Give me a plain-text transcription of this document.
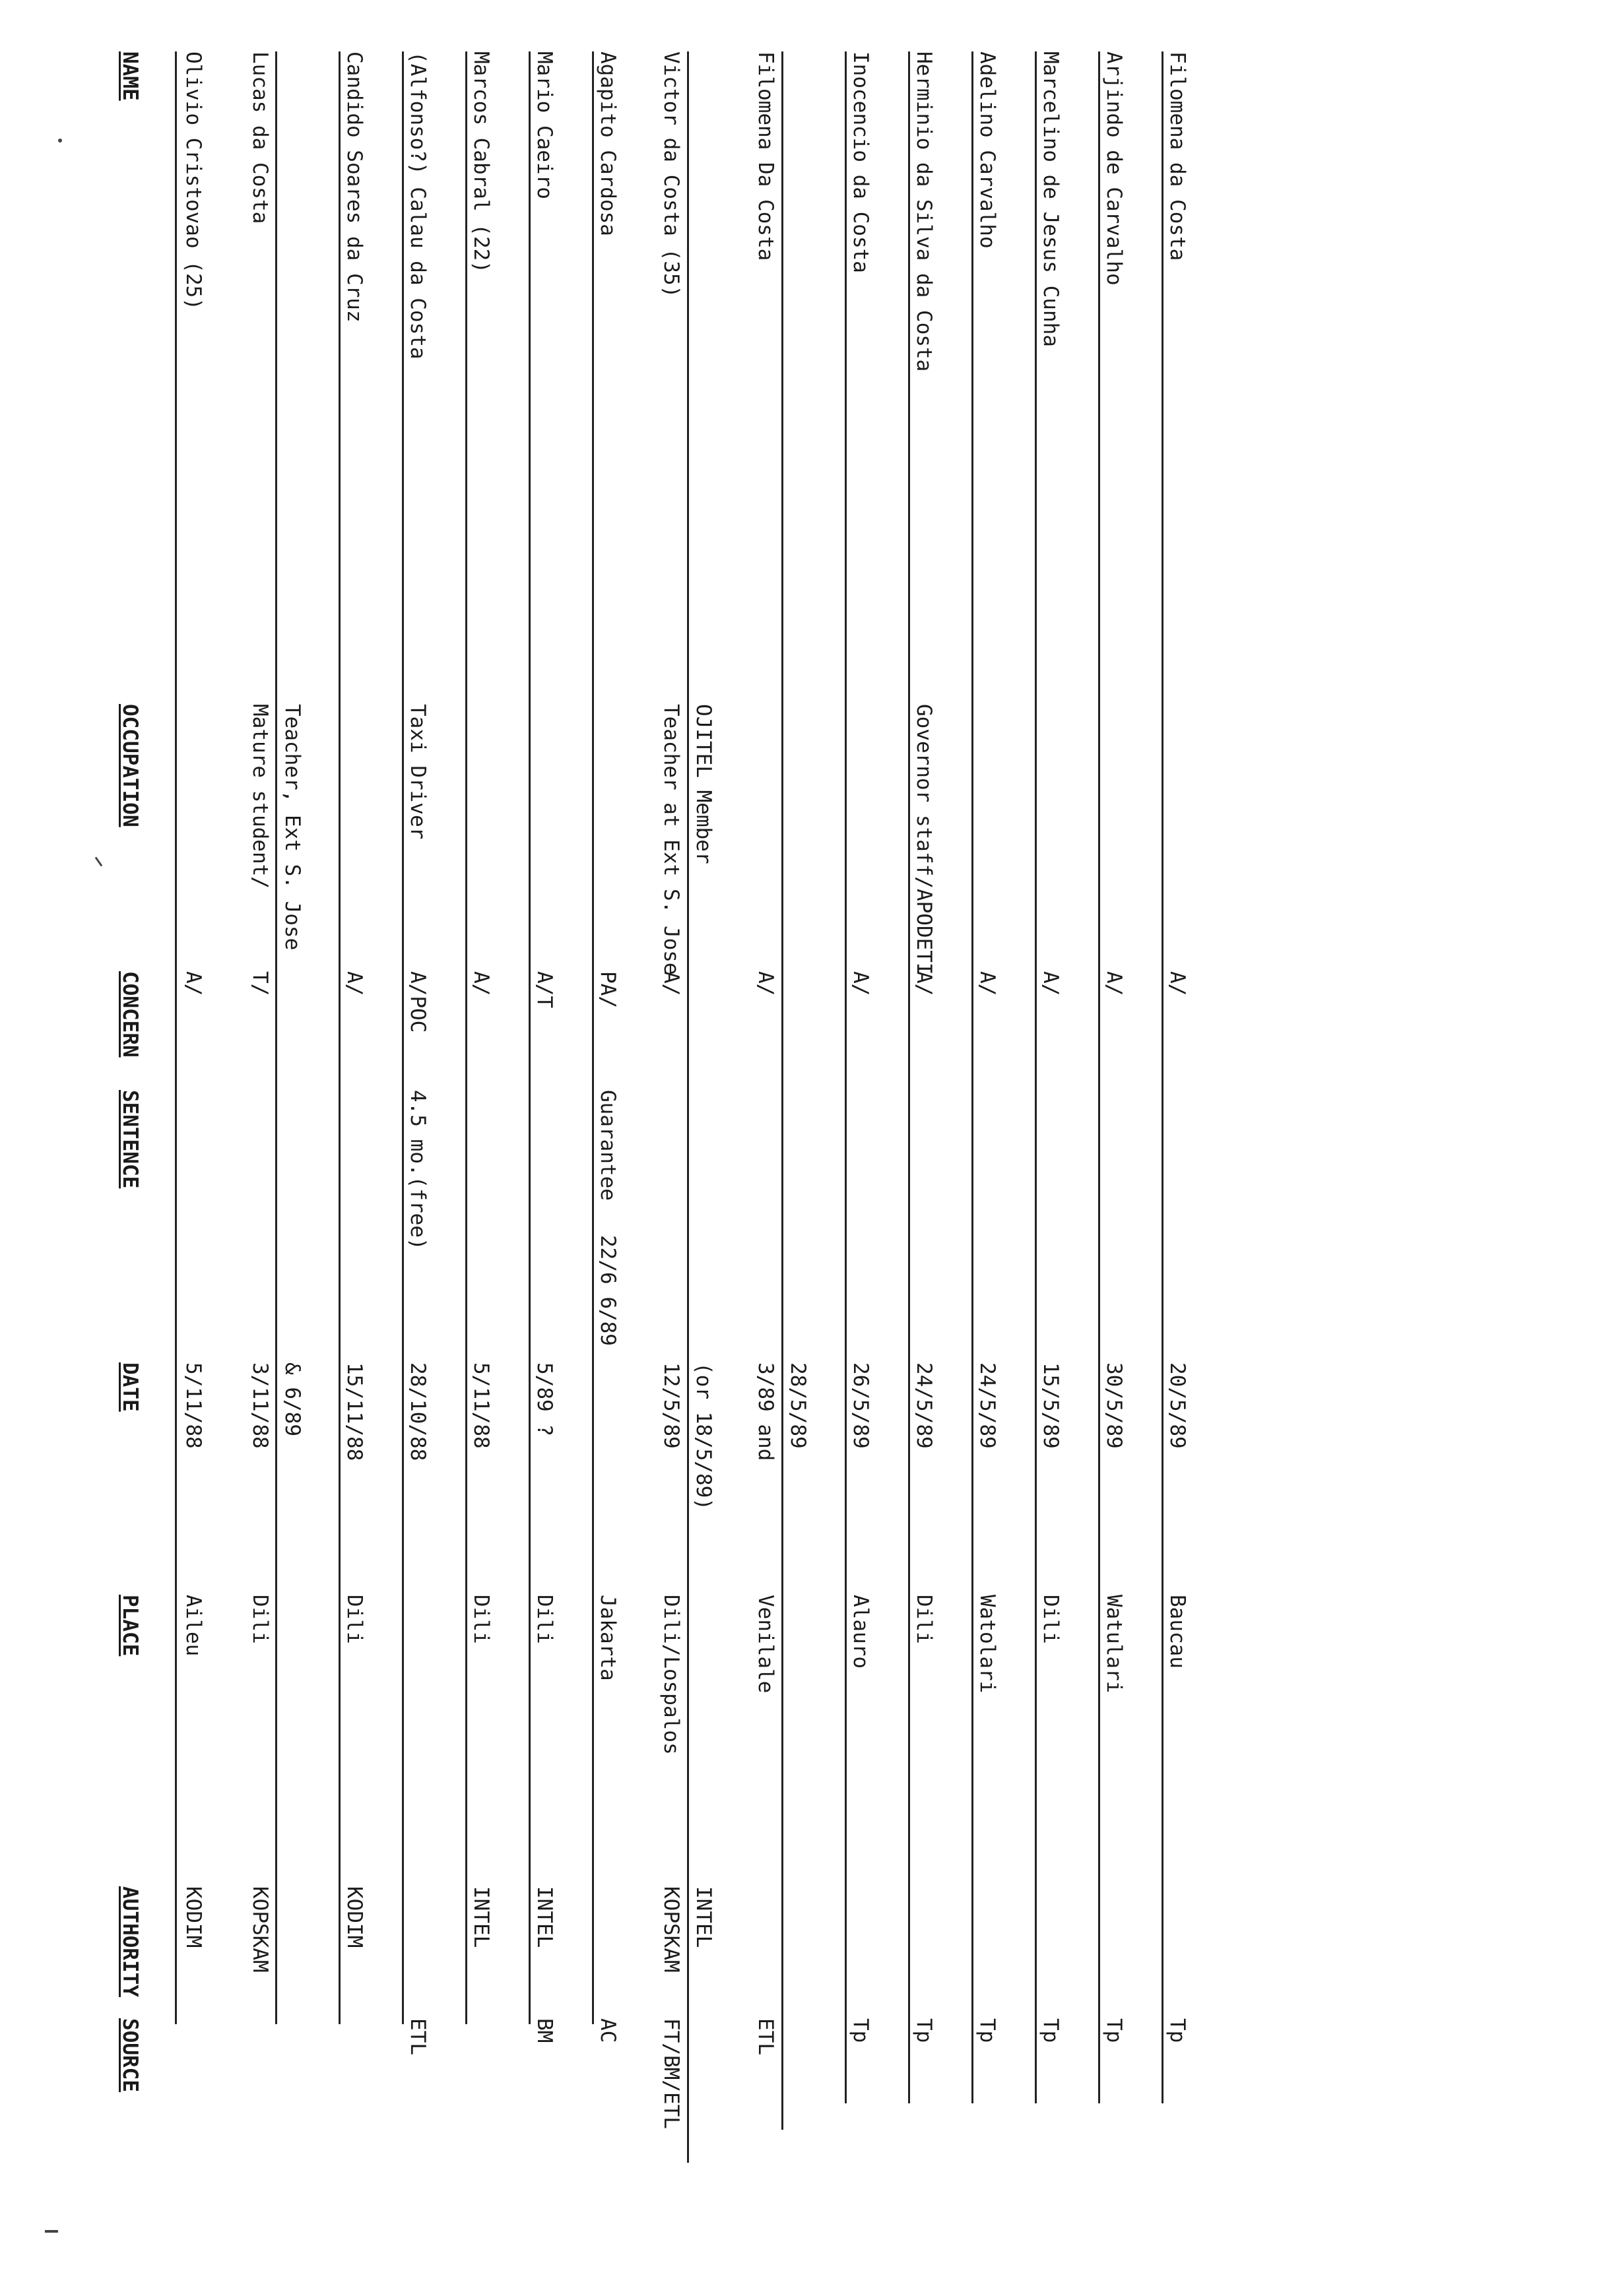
NAME
OCCUPATION
CONCERN
SENTENCE
DATE
PLACE
AUTHORITY
SOURCE
Olivio Cristovao (25)
A/
5/11/88
Aileu
KODIM
Lucas da Costa
Mature student/
T/
3/11/88
Dili
KOPSKAM
Teacher, Ext S. Jose
& 6/89
Candido Soares da Cruz
A/
15/11/88
Dili
KODIM
(Alfonso?) Calau da Costa
Taxi Driver
A/POC
4.5 mo.(free)
28/10/88
ETL
Marcos Cabral (22)
A/
5/11/88
Dili
INTEL
Mario Caeiro
A/T
5/89 ?
Dili
INTEL
BM
Agapito Cardosa
PA/
Guarantee
22/6 6/89
Jakarta
AC
Victor da Costa (35)
Teacher at Ext S. Jose
A/
12/5/89
Dili/Lospalos
KOPSKAM
FT/BM/ETL
OJITEL Member
(or 18/5/89)
INTEL
Filomena Da Costa
A/
3/89 and
Venilale
ETL
28/5/89
Inocencio da Costa
A/
26/5/89
Alauro
Tp
Herminio da Silva da Costa
Governor staff/APODETI
A/
24/5/89
Dili
Tp
Adelino Carvalho
A/
24/5/89
Watolari
Tp
Marcelino de Jesus Cunha
A/
15/5/89
Dili
Tp
Arjindo de Carvalho
A/
30/5/89
Watulari
Tp
Filomena da Costa
A/
20/5/89
Baucau
Tp
